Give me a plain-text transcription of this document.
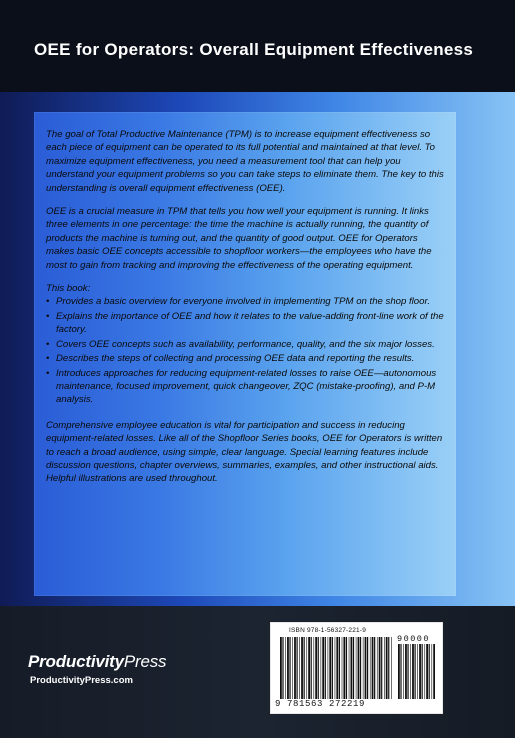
OEE for Operators: Overall Equipment Effectiveness

The goal of Total Productive Maintenance (TPM) is to increase equipment effectiveness so each piece of equipment can be operated to its full potential and maintained at that level. To maximize equipment effectiveness, you need a measurement tool that can help you understand your equipment problems so you can take steps to eliminate them. The key to this understanding is overall equipment effectiveness (OEE).

OEE is a crucial measure in TPM that tells you how well your equipment is running. It links three elements in one percentage: the time the machine is actually running, the quantity of products the machine is turning out, and the quantity of good output. OEE for Operators makes basic OEE concepts accessible to shopfloor workers—the employees who have the most to gain from tracking and improving the effectiveness of the operating equipment.

This book:

• Provides a basic overview for everyone involved in implementing TPM on the shop floor.
• Explains the importance of OEE and how it relates to the value-adding front-line work of the factory.
• Covers OEE concepts such as availability, performance, quality, and the six major losses.
• Describes the steps of collecting and processing OEE data and reporting the results.
• Introduces approaches for reducing equipment-related losses to raise OEE—autonomous maintenance, focused improvement, quick changeover, ZQC (mistake-proofing), and P-M analysis.

Comprehensive employee education is vital for participation and success in reducing equipment-related losses. Like all of the Shopfloor Series books, OEE for Operators is written to reach a broad audience, using simple, clear language. Special learning features include discussion questions, chapter overviews, summaries, examples, and other instructional aids. Helpful illustrations are used throughout.

ProductivityPress
ProductivityPress.com
ISBN 978-1-56327-221-9
90000
9 781563 272219
